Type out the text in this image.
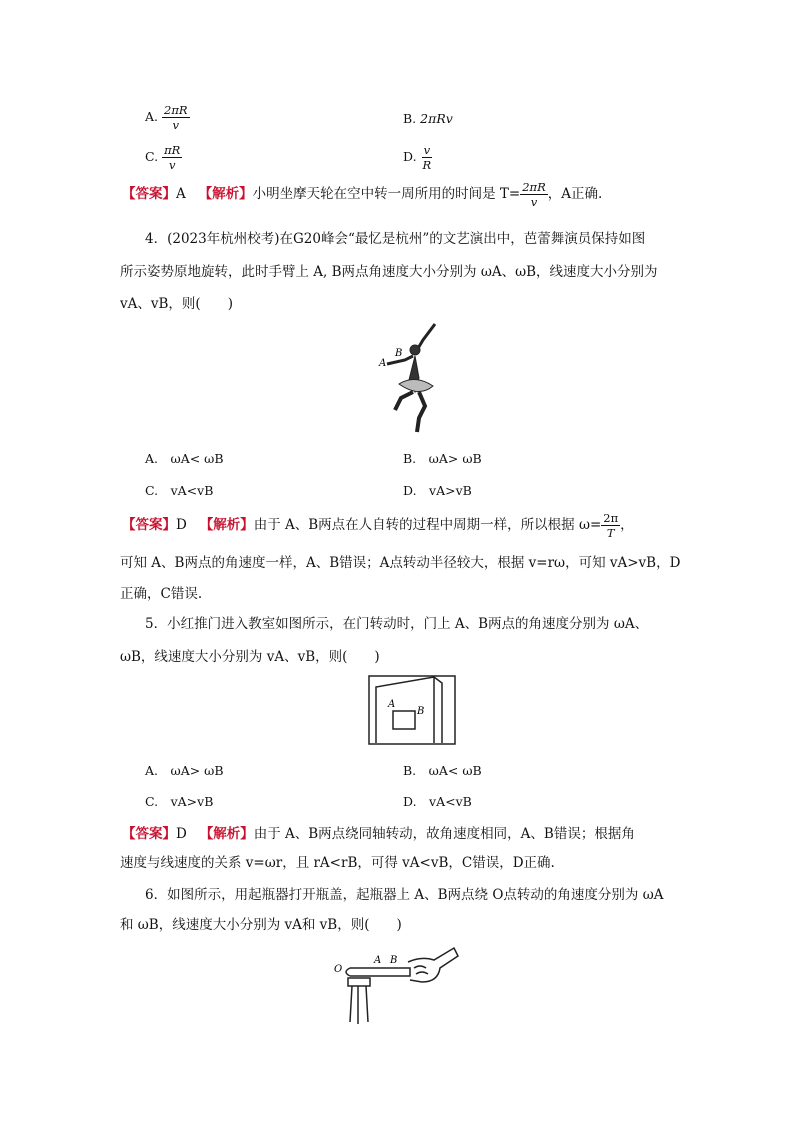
A. $\frac{2\pi R}{v}$	B. 2πRv
C. $\frac{\pi R}{v}$	D. $\frac{v}{R}$
【答案】A 【解析】小明坐摩天轮在空中转一周所用的时间是 $T= \frac{2\pi R}{v}$ ，A正确.
4．(2023年杭州校考)在G20峰会“最忆是杭州”的文艺演出中，芭蕾舞演员保持如图
所示姿势原地旋转，此时手臂上 A, B两点角速度大小分别为 ωA、ωB，线速度大小分别为
vA、vB，则(　　)
A
B
A.　ωA< ωB	B.　ωA> ωB
C.　vA<vB	D.　vA>vB
【答案】D 【解析】由于 A、B两点在人自转的过程中周期一样，所以根据 $\omega= \frac{2\pi}{T}$ ，
可知 A、B两点的角速度一样，A、B错误；A点转动半径较大，根据 v=rω，可知 vA>vB，D
正确，C错误.
5．小红推门进入教室如图所示，在门转动时，门上 A、B两点的角速度分别为 ωA、
ωB，线速度大小分别为 vA、vB，则(　　)
A
B
A.　ωA> ωB	B.　ωA< ωB
C.　vA>vB	D.　vA<vB
【答案】D 【解析】由于 A、B两点绕同轴转动，故角速度相同，A、B错误；根据角
速度与线速度的关系 v=ωr，且 rA<rB，可得 vA<vB，C错误，D正确.
6．如图所示，用起瓶器打开瓶盖，起瓶器上 A、B两点绕 O点转动的角速度分别为 ωA
和 ωB，线速度大小分别为 vA和 vB，则(　　)
O
A B
